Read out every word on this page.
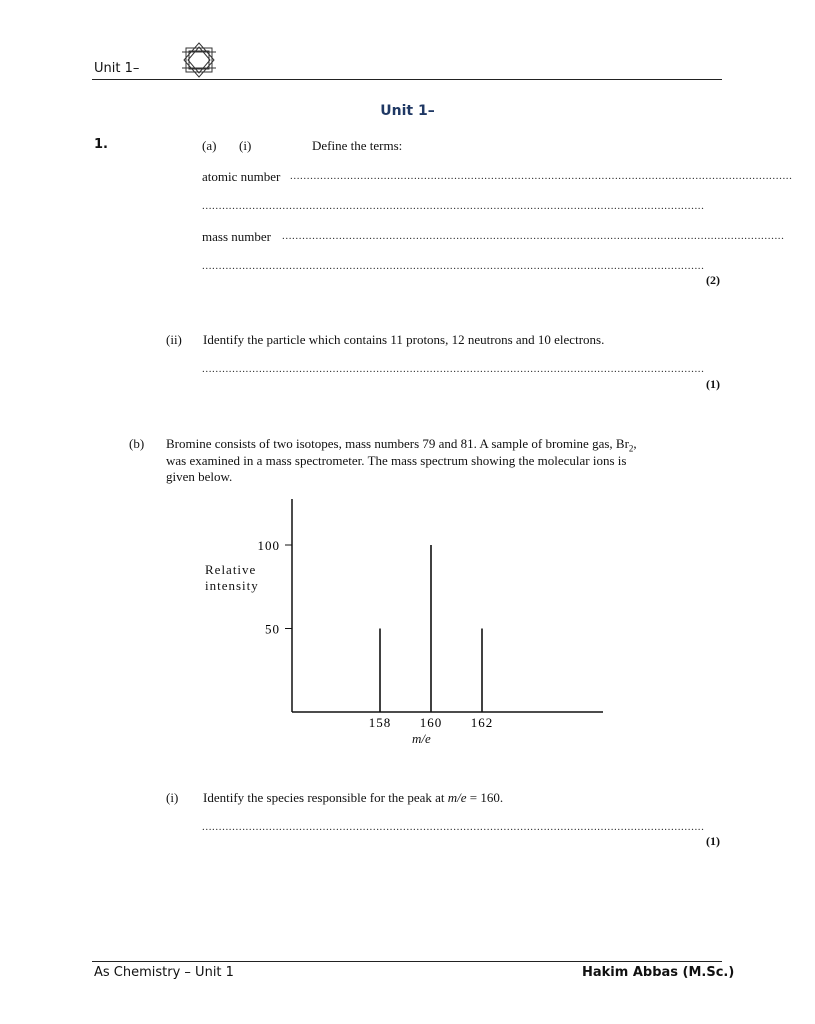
Unit 1–
Unit 1–
1.	(a) (i)	Define the terms:
atomic number ......................................................................................................................................................
......................................................................................................................................................
mass number ......................................................................................................................................................
......................................................................................................................................................
(2)
(ii) Identify the particle which contains 11 protons, 12 neutrons and 10 electrons.
......................................................................................................................................................
(1)
(b) Bromine consists of two isotopes, mass numbers 79 and 81. A sample of bromine gas, $Br_2$,
was examined in a mass spectrometer. The mass spectrum showing the molecular ions is
given below.
100
50
158 160 162
Relative
intensity
m/e
(i) Identify the species responsible for the peak at m/e = 160.
......................................................................................................................................................
(1)
As Chemistry – Unit 1	Hakim Abbas (M.Sc.)
